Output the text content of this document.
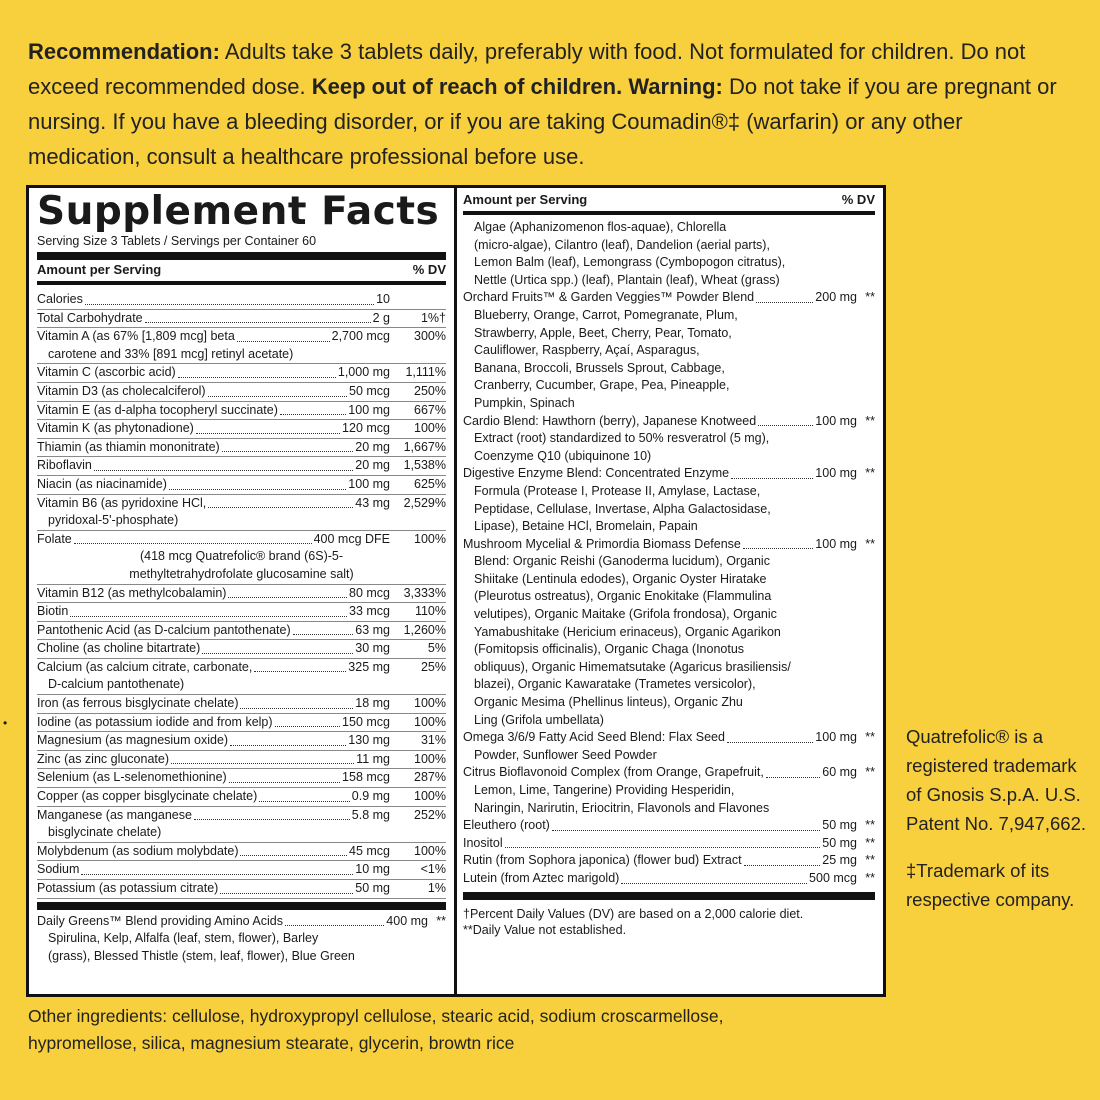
Recommendation: Adults take 3 tablets daily, preferably with food. Not formulated for children. Do not exceed recommended dose. Keep out of reach of children. Warning: Do not take if you are pregnant or nursing. If you have a bleeding disorder, or if you are taking Coumadin®‡ (warfarin) or any other medication, consult a healthcare professional before use.
•
Supplement Facts
Serving Size 3 Tablets / Servings per Container 60
Amount per Serving	% DV
Calories	10
Total Carbohydrate	2 g	1%†
Vitamin A (as 67% [1,809 mcg] beta	2,700 mcg	300%
carotene and 33% [891 mcg] retinyl acetate)
Vitamin C (ascorbic acid)	1,000 mg	1,111%
Vitamin D3 (as cholecalciferol)	50 mcg	250%
Vitamin E (as d-alpha tocopheryl succinate)	100 mg	667%
Vitamin K (as phytonadione)	120 mcg	100%
Thiamin (as thiamin mononitrate)	20 mg	1,667%
Riboflavin	20 mg	1,538%
Niacin (as niacinamide)	100 mg	625%
Vitamin B6 (as pyridoxine HCl,	43 mg	2,529%
pyridoxal-5'-phosphate)
Folate	400 mcg DFE	100%
(418 mcg Quatrefolic® brand (6S)-5-
methyltetrahydrofolate glucosamine salt)
Vitamin B12 (as methylcobalamin)	80 mcg	3,333%
Biotin	33 mcg	110%
Pantothenic Acid (as D-calcium pantothenate)	63 mg	1,260%
Choline (as choline bitartrate)	30 mg	5%
Calcium (as calcium citrate, carbonate,	325 mg	25%
D-calcium pantothenate)
Iron (as ferrous bisglycinate chelate)	18 mg	100%
Iodine (as potassium iodide and from kelp)	150 mcg	100%
Magnesium (as magnesium oxide)	130 mg	31%
Zinc (as zinc gluconate)	11 mg	100%
Selenium (as L-selenomethionine)	158 mcg	287%
Copper (as copper bisglycinate chelate)	0.9 mg	100%
Manganese (as manganese	5.8 mg	252%
bisglycinate chelate)
Molybdenum (as sodium molybdate)	45 mcg	100%
Sodium	10 mg	<1%
Potassium (as potassium citrate)	50 mg	1%
Daily Greens™ Blend providing Amino Acids	400 mg **
Spirulina, Kelp, Alfalfa (leaf, stem, flower), Barley
(grass), Blessed Thistle (stem, leaf, flower), Blue Green
Amount per Serving	% DV
Algae (Aphanizomenon flos-aquae), Chlorella
(micro-algae), Cilantro (leaf), Dandelion (aerial parts),
Lemon Balm (leaf), Lemongrass (Cymbopogon citratus),
Nettle (Urtica spp.) (leaf), Plantain (leaf), Wheat (grass)
Orchard Fruits™ & Garden Veggies™ Powder Blend	200 mg **
Blueberry, Orange, Carrot, Pomegranate, Plum,
Strawberry, Apple, Beet, Cherry, Pear, Tomato,
Cauliflower, Raspberry, Açaí, Asparagus,
Banana, Broccoli, Brussels Sprout, Cabbage,
Cranberry, Cucumber, Grape, Pea, Pineapple,
Pumpkin, Spinach
Cardio Blend: Hawthorn (berry), Japanese Knotweed	100 mg **
Extract (root) standardized to 50% resveratrol (5 mg),
Coenzyme Q10 (ubiquinone 10)
Digestive Enzyme Blend: Concentrated Enzyme	100 mg **
Formula (Protease I, Protease II, Amylase, Lactase,
Peptidase, Cellulase, Invertase, Alpha Galactosidase,
Lipase), Betaine HCl, Bromelain, Papain
Mushroom Mycelial & Primordia Biomass Defense	100 mg **
Blend: Organic Reishi (Ganoderma lucidum), Organic
Shiitake (Lentinula edodes), Organic Oyster Hiratake
(Pleurotus ostreatus), Organic Enokitake (Flammulina
velutipes), Organic Maitake (Grifola frondosa), Organic
Yamabushitake (Hericium erinaceus), Organic Agarikon
(Fomitopsis officinalis), Organic Chaga (Inonotus
obliquus), Organic Himematsutake (Agaricus brasiliensis/
blazei), Organic Kawaratake (Trametes versicolor),
Organic Mesima (Phellinus linteus), Organic Zhu
Ling (Grifola umbellata)
Omega 3/6/9 Fatty Acid Seed Blend: Flax Seed	100 mg **
Powder, Sunflower Seed Powder
Citrus Bioflavonoid Complex (from Orange, Grapefruit,	60 mg **
Lemon, Lime, Tangerine) Providing Hesperidin,
Naringin, Narirutin, Eriocitrin, Flavonols and Flavones
Eleuthero (root)	50 mg **
Inositol	50 mg **
Rutin (from Sophora japonica) (flower bud) Extract	25 mg **
Lutein (from Aztec marigold)	500 mcg **
†Percent Daily Values (DV) are based on a 2,000 calorie diet.
**Daily Value not established.
Quatrefolic® is a registered trademark of Gnosis S.p.A. U.S. Patent No. 7,947,662.
‡Trademark of its respective company.
Other ingredients: cellulose, hydroxypropyl cellulose, stearic acid, sodium croscarmellose, hypromellose, silica, magnesium stearate, glycerin, browtn rice
